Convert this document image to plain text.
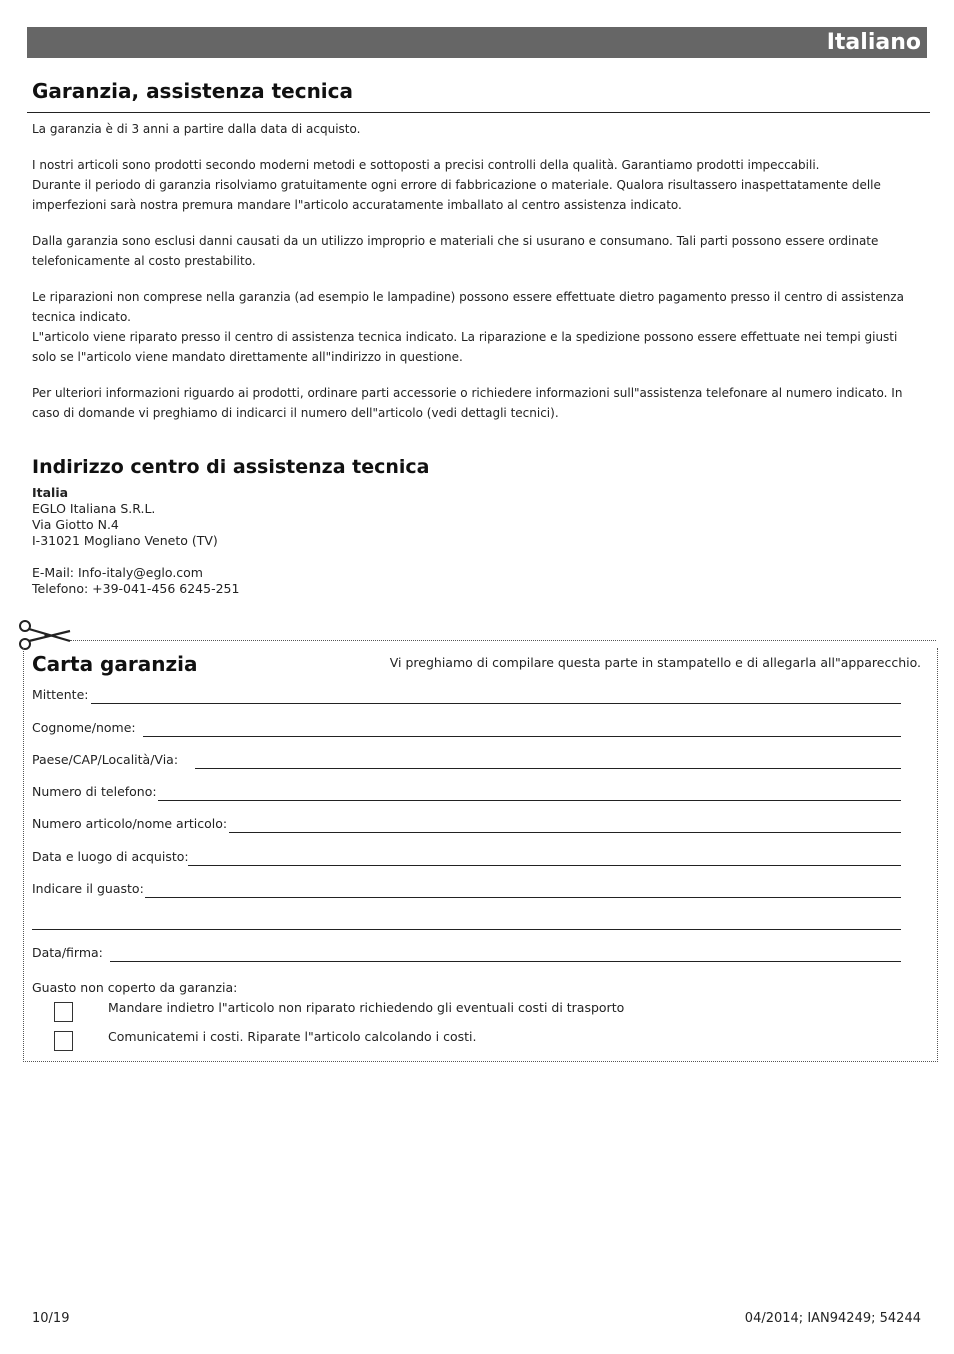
Italiano
Garanzia, assistenza tecnica

La garanzia è di 3 anni a partire dalla data di acquisto.

I nostri articoli sono prodotti secondo moderni metodi e sottoposti a precisi controlli della qualità. Garantiamo prodotti impeccabili.
Durante il periodo di garanzia risolviamo gratuitamente ogni errore di fabbricazione o materiale. Qualora risultassero inaspettatamente delle imperfezioni sarà nostra premura mandare l"articolo accuratamente imballato al centro assistenza indicato.

Dalla garanzia sono esclusi danni causati da un utilizzo improprio e materiali che si usurano e consumano. Tali parti possono essere ordinate telefonicamente al costo prestabilito.

Le riparazioni non comprese nella garanzia (ad esempio le lampadine) possono essere effettuate dietro pagamento presso il centro di assistenza tecnica indicato.
L"articolo viene riparato presso il centro di assistenza tecnica indicato. La riparazione e la spedizione possono essere effettuate nei tempi giusti solo se l"articolo viene mandato direttamente all"indirizzo in questione.

Per ulteriori informazioni riguardo ai prodotti, ordinare parti accessorie o richiedere informazioni sull"assistenza telefonare al numero indicato. In caso di domande vi preghiamo di indicarci il numero dell"articolo (vedi dettagli tecnici).

Indirizzo centro di assistenza tecnica
Italia
EGLO Italiana S.R.L.
Via Giotto N.4
I-31021 Mogliano Veneto (TV)
E-Mail: Info-italy@eglo.com
Telefono: +39-041-456 6245-251
Carta garanzia	Vi preghiamo di compilare questa parte in stampatello e di allegarla all"apparecchio.
Mittente:
Cognome/nome:
Paese/CAP/Località/Via:
Numero di telefono:
Numero articolo/nome articolo:
Data e luogo di acquisto:
Indicare il guasto:
Data/firma:
Guasto non coperto da garanzia:
Mandare indietro l"articolo non riparato richiedendo gli eventuali costi di trasporto
Comunicatemi i costi. Riparate l"articolo calcolando i costi.
10/19	04/2014; IAN94249; 54244
